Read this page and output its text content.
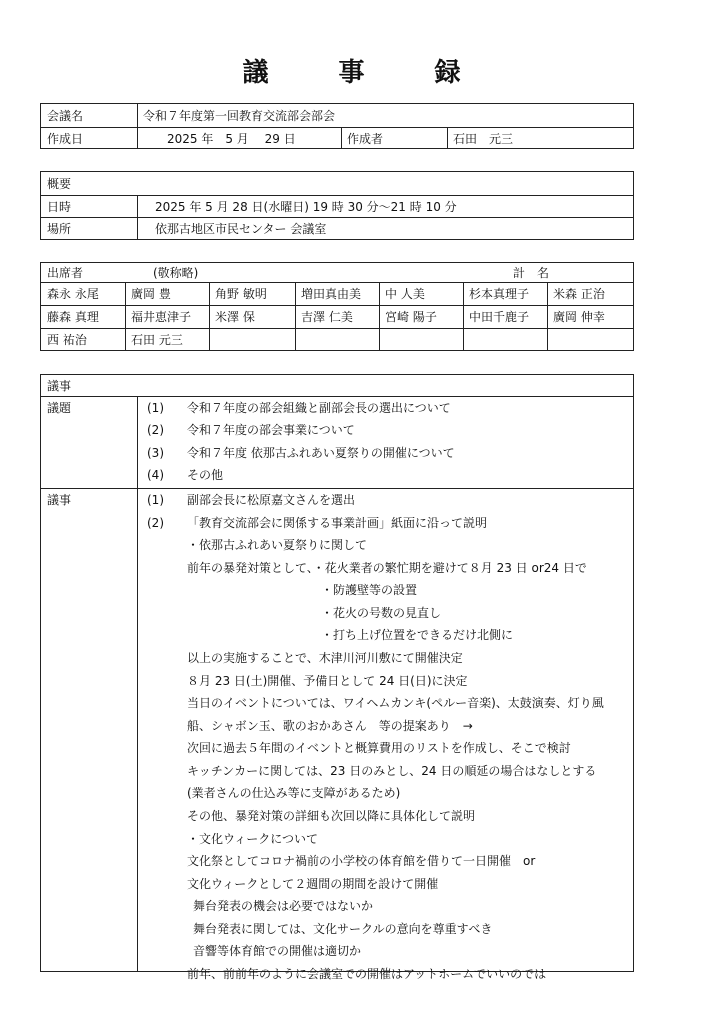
議　事　録
会議名	令和７年度第一回教育交流部会部会
作成日	2025 年　5 月　 29 日	作成者	石田　元三
概要
日時	2025 年 5 月 28 日(水曜日) 19 時 30 分～21 時 10 分
場所	依那古地区市民センター 会議室
出席者	(敬称略)	計　名
森永 永尾	廣岡 豊	角野 敏明	増田真由美	中 人美	杉本真理子	米森 正治
藤森 真理	福井恵津子	米澤 保	吉澤 仁美	宮崎 陽子	中田千鹿子	廣岡 伸幸
西 祐治	石田 元三
議事
議題	(1) 令和７年度の部会組織と副部会長の選出について
(2) 令和７年度の部会事業について
(3) 令和７年度 依那古ふれあい夏祭りの開催について
(4) その他
議事	(1) 副部会長に松原嘉文さんを選出
(2) 「教育交流部会に関係する事業計画」紙面に沿って説明
・依那古ふれあい夏祭りに関して
前年の暴発対策として、・花火業者の繁忙期を避けて８月 23 日 or24 日で
・防護壁等の設置
・花火の号数の見直し
・打ち上げ位置をできるだけ北側に
以上の実施することで、木津川河川敷にて開催決定
８月 23 日(土)開催、予備日として 24 日(日)に決定
当日のイベントについては、ワイヘムカンキ(ペルー音楽)、太鼓演奏、灯り風
船、シャボン玉、歌のおかあさん　等の提案あり　→
次回に過去５年間のイベントと概算費用のリストを作成し、そこで検討
キッチンカーに関しては、23 日のみとし、24 日の順延の場合はなしとする
(業者さんの仕込み等に支障があるため)
その他、暴発対策の詳細も次回以降に具体化して説明
・文化ウィークについて
文化祭としてコロナ禍前の小学校の体育館を借りて一日開催　or
文化ウィークとして２週間の期間を設けて開催
舞台発表の機会は必要ではないか
舞台発表に関しては、文化サークルの意向を尊重すべき
音響等体育館での開催は適切か
前年、前前年のように会議室での開催はアットホームでいいのでは
